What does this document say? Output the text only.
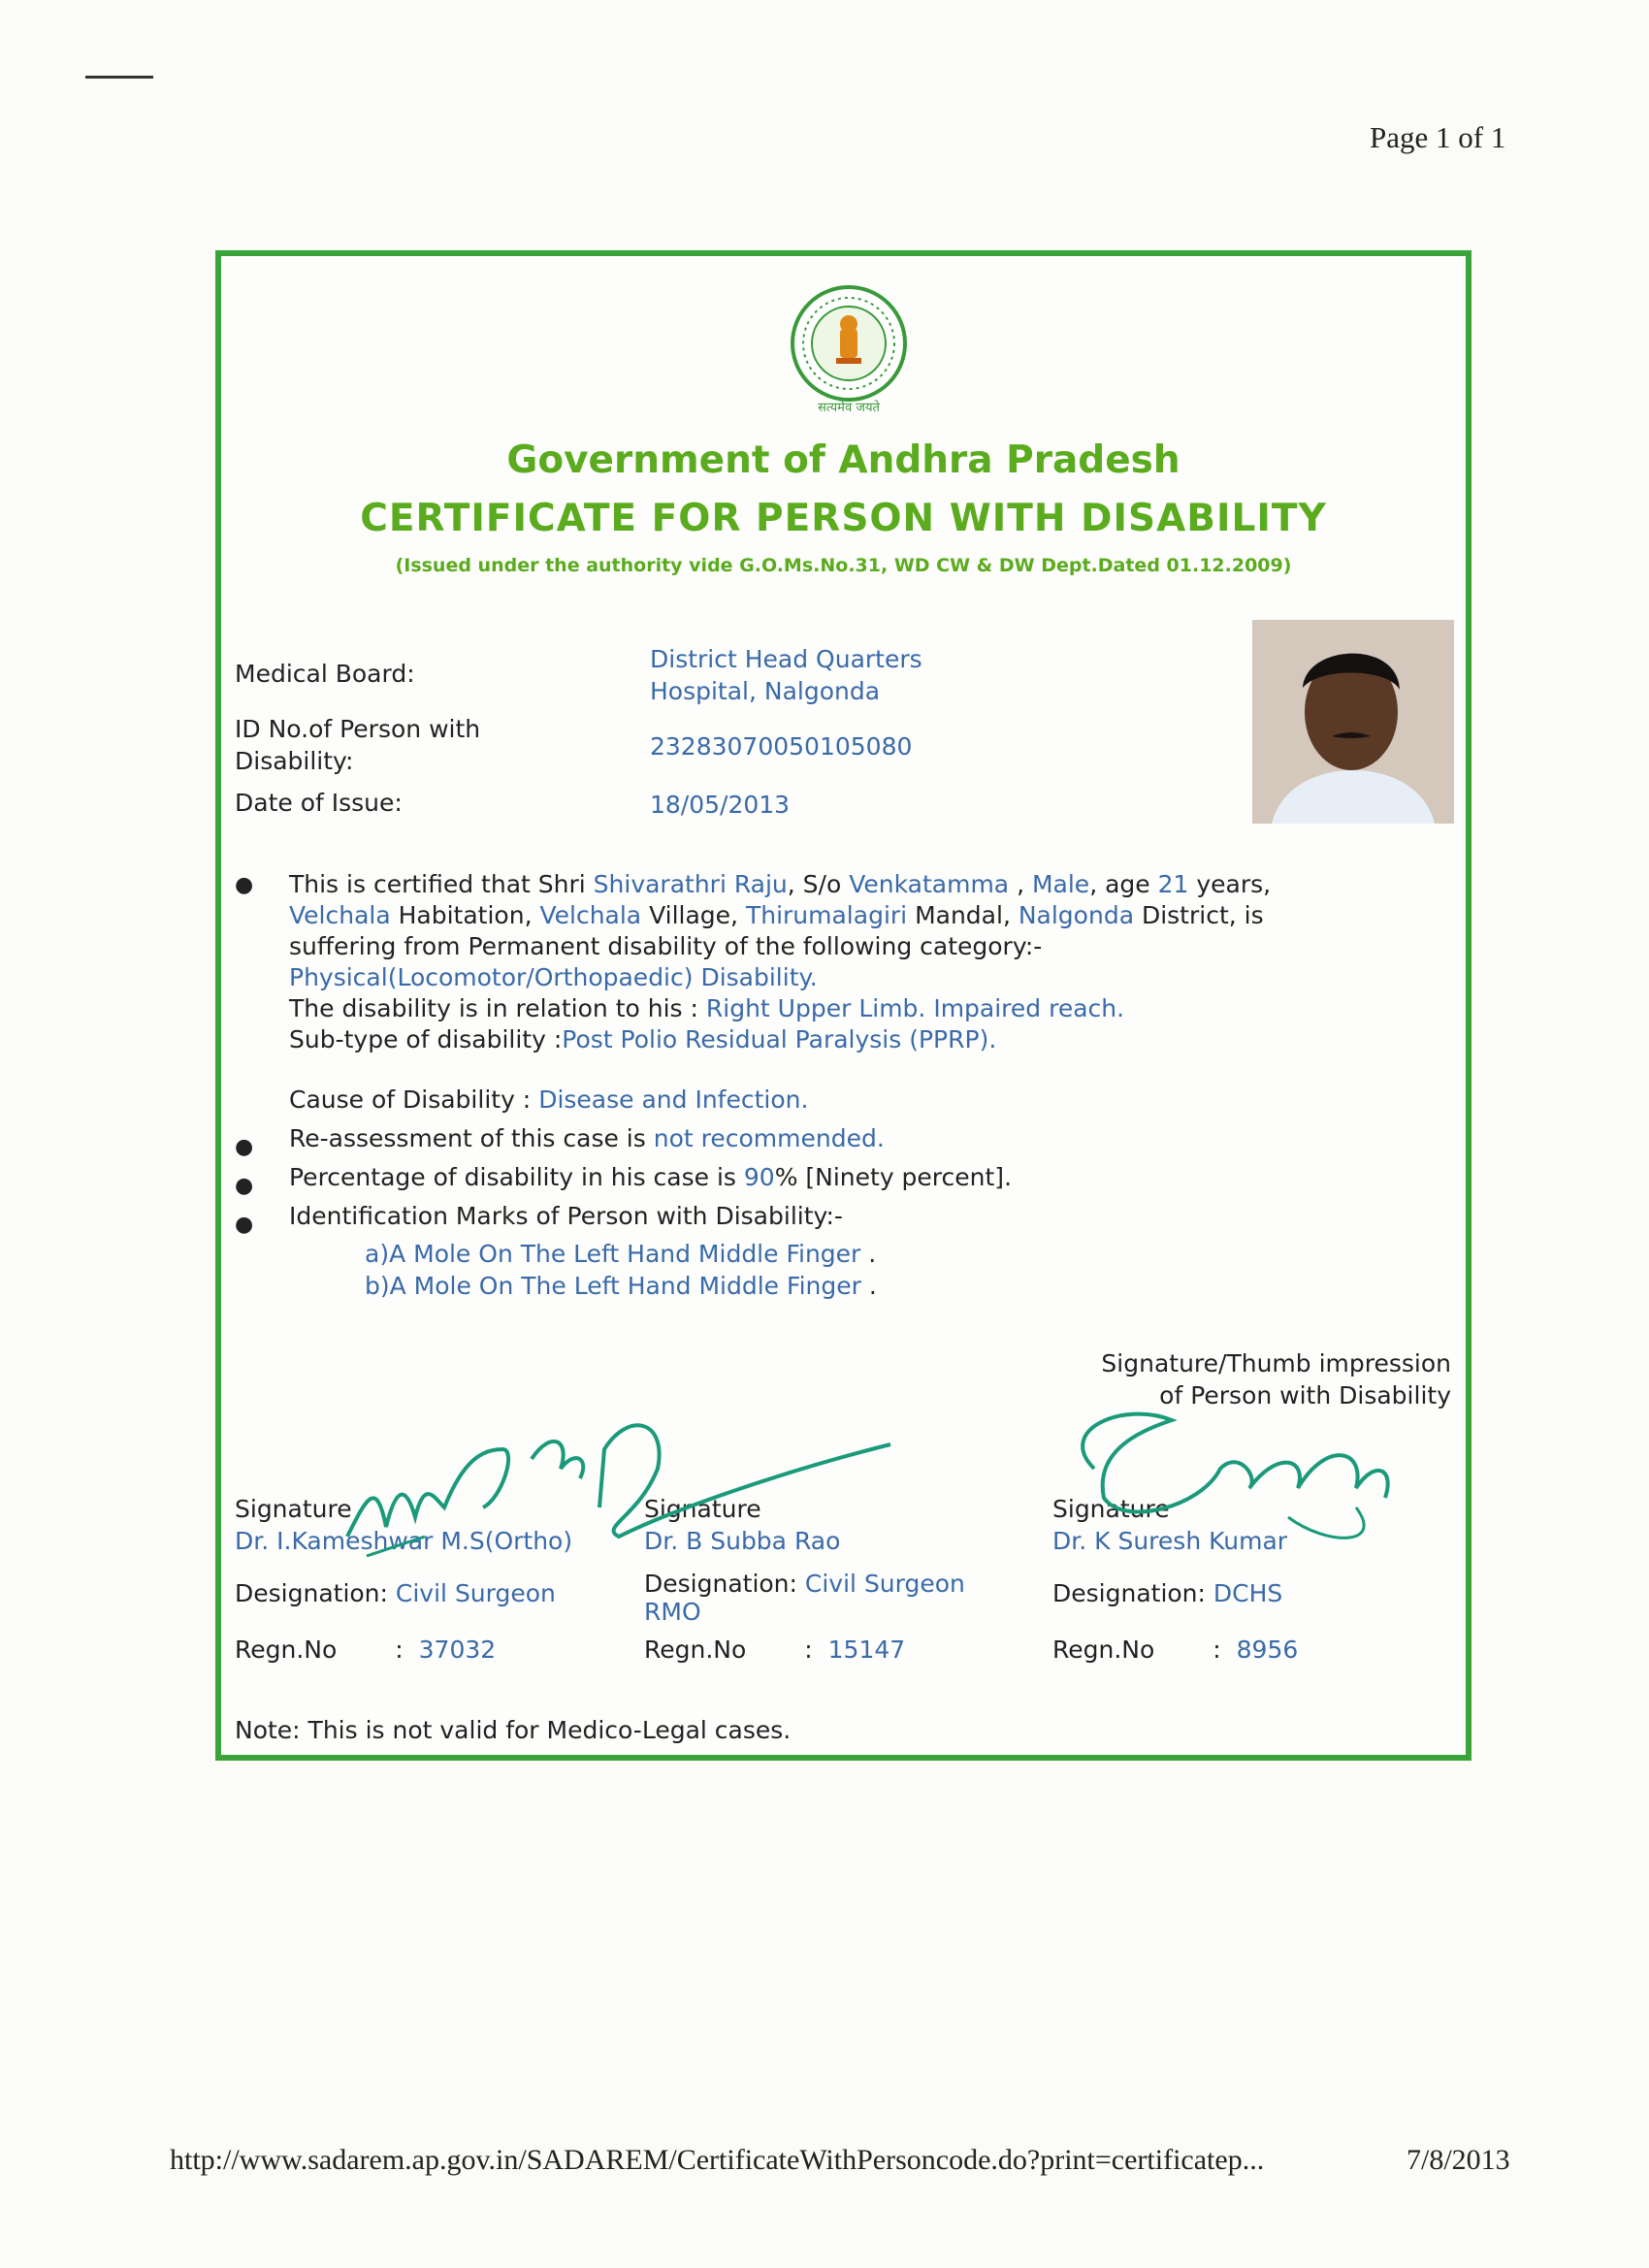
Page 1 of 1
सत्यमेव जयते
Government of Andhra Pradesh
CERTIFICATE FOR PERSON WITH DISABILITY
(Issued under the authority vide G.O.Ms.No.31, WD CW & DW Dept.Dated 01.12.2009)
Medical Board:
District Head Quarters
Hospital, Nalgonda
ID No.of Person with
Disability:
23283070050105080
Date of Issue:	18/05/2013
● This is certified that Shri Shivarathri Raju, S/o Venkatamma , Male, age 21 years,

Velchala Habitation, Velchala Village, Thirumalagiri Mandal, Nalgonda District, is

suffering from Permanent disability of the following category:-

Physical(Locomotor/Orthopaedic) Disability.

The disability is in relation to his : Right Upper Limb. Impaired reach.

Sub-type of disability :Post Polio Residual Paralysis (PPRP).

Cause of Disability : Disease and Infection.

Re-assessment of this case is not recommended.

Percentage of disability in his case is 90% [Ninety percent].

Identification Marks of Person with Disability:-

●
●
●
a)A Mole On The Left Hand Middle Finger .
b)A Mole On The Left Hand Middle Finger .
Signature/Thumb impression
of Person with Disability
Signature
Dr. I.Kameshwar M.S(Ortho)
Designation: Civil Surgeon
Regn.No : 37032
Signature
Dr. B Subba Rao
Designation: Civil Surgeon
RMO
Regn.No : 15147
Signature
Dr. K Suresh Kumar
Designation: DCHS
Regn.No : 8956
Note: This is not valid for Medico-Legal cases.
http://www.sadarem.ap.gov.in/SADAREM/CertificateWithPersoncode.do?print=certificatep...	7/8/2013
